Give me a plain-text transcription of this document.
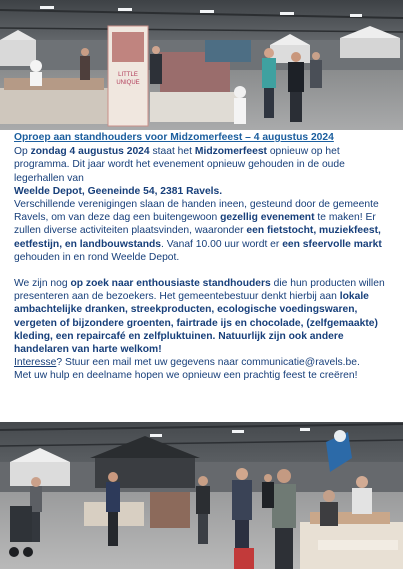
LITTLE
UNIQUE

Oproep aan standhouders voor Midzomerfeest – 4 augustus 2024

Op zondag 4 augustus 2024 staat het Midzomerfeest opnieuw op het programma. Dit jaar wordt het evenement opnieuw gehouden in de oude legerhallen van

Weelde Depot, Geeneinde 54, 2381 Ravels.

Verschillende verenigingen slaan de handen ineen, gesteund door de gemeente Ravels, om van deze dag een buitengewoon gezellig evenement te maken! Er zullen diverse activiteiten plaatsvinden, waaronder een fietstocht, muziekfeest, eetfestijn, en landbouwstands. Vanaf 10.00 uur wordt er een sfeervolle markt gehouden in en rond Weelde Depot.

We zijn nog op zoek naar enthousiaste standhouders die hun producten willen presenteren aan de bezoekers. Het gemeentebestuur denkt hierbij aan lokale ambachtelijke dranken, streekproducten, ecologische voedingswaren, vergeten of bijzondere groenten, fairtrade ijs en chocolade, (zelfgemaakte) kleding, een repaircafé en zelfpluktuinen. Natuurlijk zijn ook andere handelaren van harte welkom!

Interesse? Stuur een mail met uw gegevens naar communicatie@ravels.be.

Met uw hulp en deelname hopen we opnieuw een prachtig feest te creëren!
